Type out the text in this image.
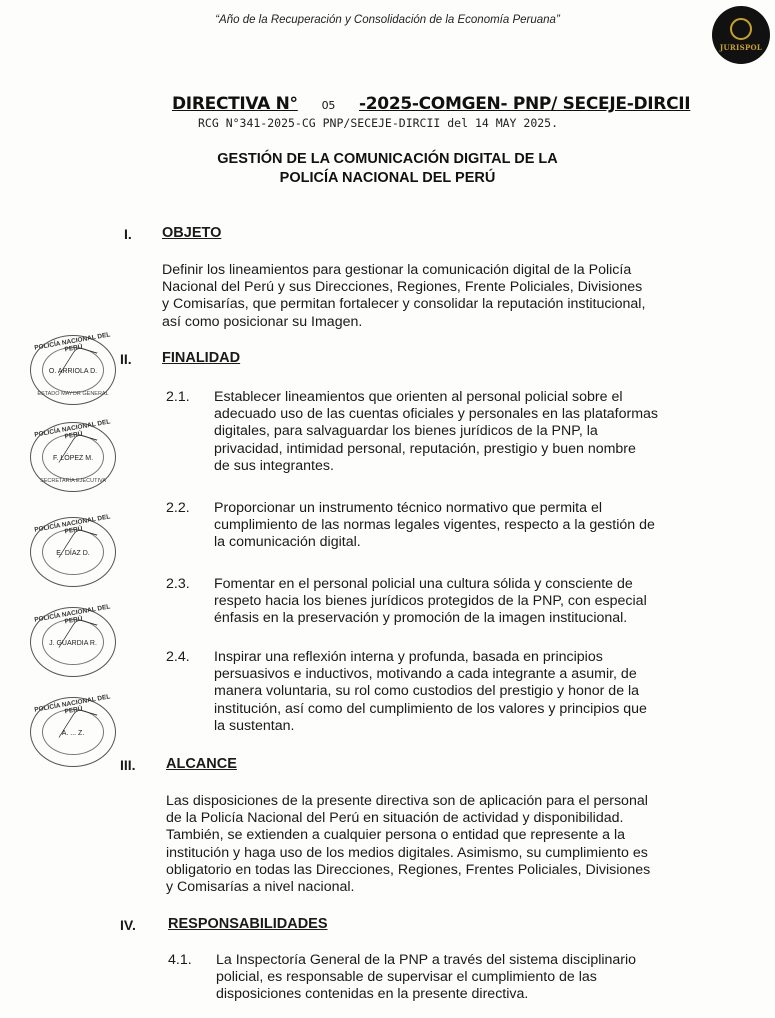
“Año de la Recuperación y Consolidación de la Economía Peruana”
JURISPOL
DIRECTIVA N° 05 -2025-COMGEN- PNP/ SECEJE-DIRCII
RCG N°341-2025-CG PNP/SECEJE-DIRCII del 14 MAY 2025.
GESTIÓN DE LA COMUNICACIÓN DIGITAL DE LA
POLICÍA NACIONAL DEL PERÚ
I. OBJETO
Definir los lineamientos para gestionar la comunicación digital de la Policía
Nacional del Perú y sus Direcciones, Regiones, Frente Policiales, Divisiones
y Comisarías, que permitan fortalecer y consolidar la reputación institucional,
así como posicionar su Imagen.
II. FINALIDAD
2.1. Establecer lineamientos que orienten al personal policial sobre el
adecuado uso de las cuentas oficiales y personales en las plataformas
digitales, para salvaguardar los bienes jurídicos de la PNP, la
privacidad, intimidad personal, reputación, prestigio y buen nombre
de sus integrantes.
2.2. Proporcionar un instrumento técnico normativo que permita el
cumplimiento de las normas legales vigentes, respecto a la gestión de
la comunicación digital.
2.3. Fomentar en el personal policial una cultura sólida y consciente de
respeto hacia los bienes jurídicos protegidos de la PNP, con especial
énfasis en la preservación y promoción de la imagen institucional.
2.4. Inspirar una reflexión interna y profunda, basada en principios
persuasivos e inductivos, motivando a cada integrante a asumir, de
manera voluntaria, su rol como custodios del prestigio y honor de la
institución, así como del cumplimiento de los valores y principios que
la sustentan.
III. ALCANCE
Las disposiciones de la presente directiva son de aplicación para el personal
de la Policía Nacional del Perú en situación de actividad y disponibilidad.
También, se extienden a cualquier persona o entidad que represente a la
institución y haga uso de los medios digitales. Asimismo, su cumplimiento es
obligatorio en todas las Direcciones, Regiones, Frentes Policiales, Divisiones
y Comisarías a nivel nacional.
IV. RESPONSABILIDADES
4.1. La Inspectoría General de la PNP a través del sistema disciplinario
policial, es responsable de supervisar el cumplimiento de las
disposiciones contenidas en la presente directiva.
POLICÍA NACIONAL DEL PERÚ
O. ARRIOLA D.
ESTADO MAYOR GENERAL
POLICÍA NACIONAL DEL PERÚ
F. LÓPEZ M.
SECRETARÍA EJECUTIVA
POLICÍA NACIONAL DEL PERÚ
E. DÍAZ D.
POLICÍA NACIONAL DEL PERÚ
J. GUARDIA R.
POLICÍA NACIONAL DEL PERÚ
A. ... Z.
